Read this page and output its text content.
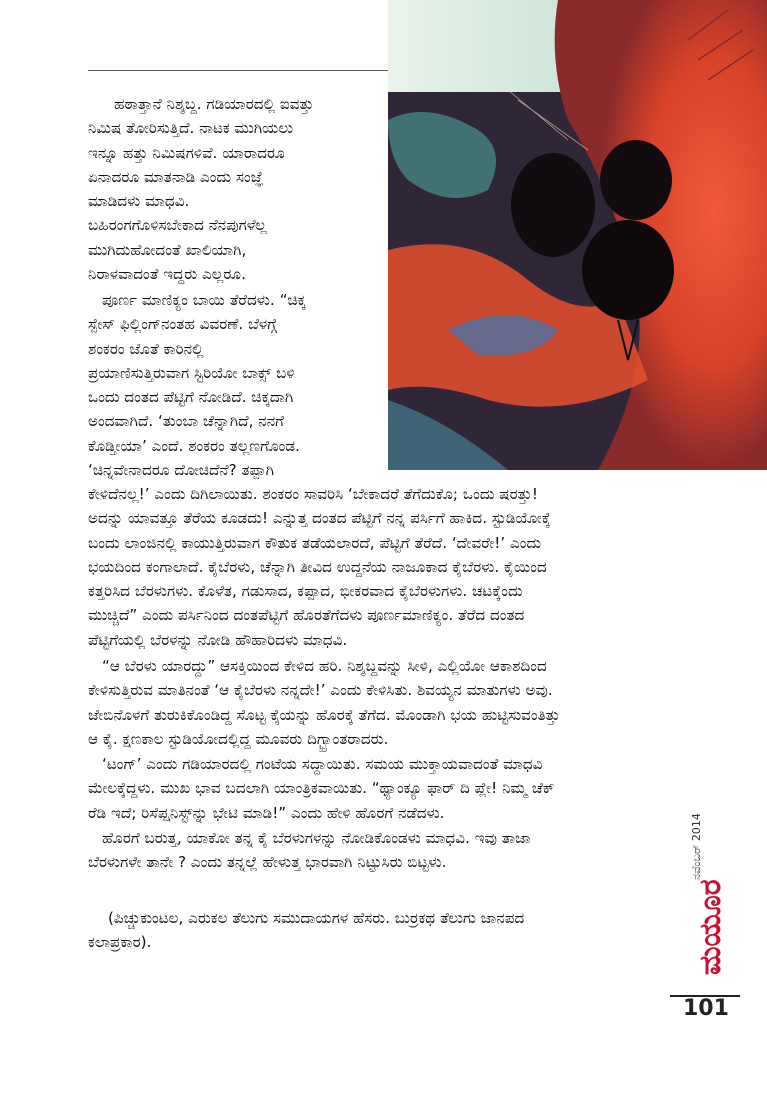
ಹಠಾತ್ತಾನೆ ನಿಶ್ಶಬ್ದ. ಗಡಿಯಾರದಲ್ಲಿ ಐವತ್ತು
ನಿಮಿಷ ತೋರಿಸುತ್ತಿದೆ. ನಾಟಕ ಮುಗಿಯಲು
ಇನ್ನೂ ಹತ್ತು ನಿಮಿಷಗಳಿವೆ. ಯಾರಾದರೂ
ಏನಾದರೂ ಮಾತನಾಡಿ ಎಂದು ಸಂಜ್ಞೆ
ಮಾಡಿದಳು ಮಾಧವಿ.
ಬಹಿರಂಗಗೊಳಿಸಬೇಕಾದ ನೆನಪುಗಳೆಲ್ಲ
ಮುಗಿದುಹೋದಂತೆ ಖಾಲಿಯಾಗಿ,
ನಿರಾಳವಾದಂತೆ ಇದ್ದರು ಎಲ್ಲರೂ.
ಪೂರ್ಣ ಮಾಣಿಕ್ಯಂ ಬಾಯಿ ತೆರೆದಳು. “ಚಿಕ್ಕ
ಸ್ಪೇಸ್ ಫಿಲ್ಲಿಂಗ್‌ನಂತಹ ವಿವರಣೆ. ಬೆಳಗ್ಗೆ
ಶಂಕರಂ ಜೊತೆ ಕಾರಿನಲ್ಲಿ
ಪ್ರಯಾಣಿಸುತ್ತಿರುವಾಗ ಸ್ಟಿರಿಯೋ ಬಾಕ್ಸ್ ಬಳಿ
ಒಂದು ದಂತದ ಪೆಟ್ಟಿಗೆ ನೋಡಿದೆ. ಚಿಕ್ಕದಾಗಿ
ಅಂದವಾಗಿದೆ. ‘ತುಂಬಾ ಚೆನ್ನಾಗಿದೆ, ನನಗೆ
ಕೊಡ್ತೀಯಾ’ ಎಂದೆ. ಶಂಕರಂ ತಲ್ಲಣಗೊಂಡ.
‘ಚಿನ್ನವೇನಾದರೂ ದೋಚಿದೆನೆ? ತಪ್ಪಾಗಿ
ಕೇಳಿದೆನಲ್ಲ!’ ಎಂದು ದಿಗಿಲಾಯಿತು. ಶಂಕರಂ ಸಾವರಿಸಿ ‘ಬೇಕಾದರೆ ತೆಗೆದುಕೊ; ಒಂದು ಷರತ್ತು!
ಅದನ್ನು ಯಾವತ್ತೂ ತೆರೆಯ ಕೂಡದು! ಎನ್ನುತ್ತ ದಂತದ ಪೆಟ್ಟಿಗೆ ನನ್ನ ಪರ್ಸಿಗೆ ಹಾಕಿದ. ಸ್ಟುಡಿಯೋಕ್ಕೆ
ಬಂದು ಲಾಂಜಿನಲ್ಲಿ ಕಾಯುತ್ತಿರುವಾಗ ಕೌತುಕ ತಡೆಯಲಾರದೆ, ಪೆಟ್ಟಿಗೆ ತೆರೆದೆ. ‘ದೇವರೇ!’ ಎಂದು
ಭಯದಿಂದ ಕಂಗಾಲಾದೆ. ಕೈಬೆರಳು, ಚೆನ್ನಾಗಿ ತೀವಿದ ಉದ್ದನೆಯ ನಾಜೂಕಾದ ಕೈಬೆರಳು. ಕೈಯಿಂದ
ಕತ್ತರಿಸಿದ ಬೆರಳುಗಳು. ಕೊಳೆತ, ಗಡುಸಾದ, ಕಪ್ಪಾದ, ಭೀಕರವಾದ ಕೈಬೆರಳುಗಳು. ಚಟಕ್ಕೆಂದು
ಮುಚ್ಚಿದೆ” ಎಂದು ಪರ್ಸಿನಿಂದ ದಂತಪೆಟ್ಟಿಗೆ ಹೊರತೆಗೆದಳು ಪೂರ್ಣಮಾಣಿಕ್ಯಂ. ತೆರೆದ ದಂತದ
ಪೆಟ್ಟಿಗೆಯಲ್ಲಿ ಬೆರಳನ್ನು ನೋಡಿ ಹೌಹಾರಿದಳು ಮಾಧವಿ.
“ಆ ಬೆರಳು ಯಾರದ್ದು” ಆಸಕ್ತಿಯಿಂದ ಕೇಳಿದ ಹರಿ. ನಿಶ್ಶಬ್ದವನ್ನು ಸೀಳಿ, ಎಲ್ಲಿಯೋ ಆಕಾಶದಿಂದ
ಕೇಳಿಸುತ್ತಿರುವ ಮಾತಿನಂತೆ ‘ಆ ಕೈಬೆರಳು ನನ್ನದೇ!’ ಎಂದು ಕೇಳಿಸಿತು. ಶಿವಯ್ಯನ ಮಾತುಗಳು ಅವು.
ಜೇಬಿನೊಳಗೆ ತುರುಕಿಕೊಂಡಿದ್ದ ಸೊಟ್ಟ ಕೈಯನ್ನು ಹೊರಕ್ಕೆ ತೆಗೆದ. ಮೊಂಡಾಗಿ ಭಯ ಹುಟ್ಟಿಸುವಂತಿತ್ತು
ಆ ಕೈ. ಕ್ಷಣಕಾಲ ಸ್ಟುಡಿಯೋದಲ್ಲಿದ್ದ ಮೂವರು ದಿಗ್ಭ್ರಾಂತರಾದರು.
‘ಟಂಗ್’ ಎಂದು ಗಡಿಯಾರದಲ್ಲಿ ಗಂಟೆಯ ಸದ್ದಾಯಿತು. ಸಮಯ ಮುಕ್ತಾಯವಾದಂತೆ ಮಾಧವಿ
ಮೇಲಕ್ಕೆದ್ದಳು. ಮುಖ ಭಾವ ಬದಲಾಗಿ ಯಾಂತ್ರಿಕವಾಯಿತು. “ಥ್ಯಾಂಕ್ಯೂ ಫಾರ್ ದಿ ಪ್ಲೇ! ನಿಮ್ಮ ಚೆಕ್
ರೆಡಿ ಇದೆ; ರಿಸೆಪ್ಷನಿಸ್ಟ್‌ನ್ನು ಭೇಟಿ ಮಾಡಿ!” ಎಂದು ಹೇಳಿ ಹೊರಗೆ ನಡೆದಳು.
ಹೊರಗೆ ಬರುತ್ತ, ಯಾಕೋ ತನ್ನ ಕೈ ಬೆರಳುಗಳನ್ನು ನೋಡಿಕೊಂಡಳು ಮಾಧವಿ. ಇವು ತಾಜಾ
ಬೆರಳುಗಳೇ ತಾನೇ ? ಎಂದು ತನ್ನಲ್ಲೆ ಹೇಳುತ್ತ ಭಾರವಾಗಿ ನಿಟ್ಟುಸಿರು ಬಿಟ್ಟಳು.
(ಪಿಚ್ಚುಕುಂಟಲ, ಎರುಕಲ ತೆಲುಗು ಸಮುದಾಯಗಳ ಹೆಸರು. ಬುರ್‍ರಕಥ ತೆಲುಗು ಜಾನಪದ
ಕಲಾಪ್ರಕಾರ).	ಮಯೂರ
ನವೆಂಬರ್ 2014
101
